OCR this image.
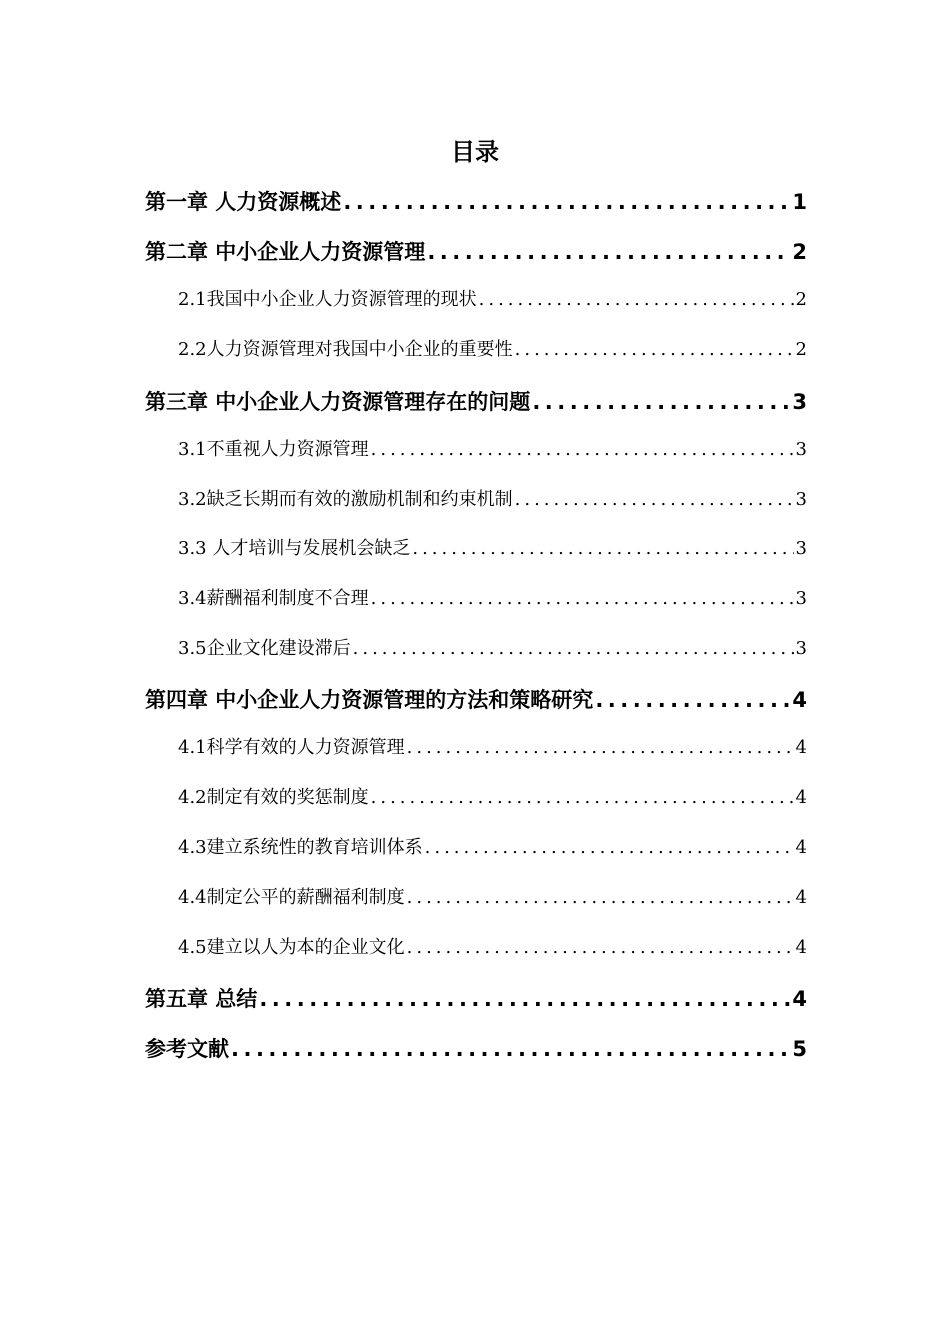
目录
第一章 人力资源概述 .....	1
第二章 中小企业人力资源管理 .....	2
2.1我国中小企业人力资源管理的现状 .....	2
2.2人力资源管理对我国中小企业的重要性 .....	2
第三章 中小企业人力资源管理存在的问题 .....	3
3.1不重视人力资源管理 .....	3
3.2缺乏长期而有效的激励机制和约束机制 .....	3
3.3 人才培训与发展机会缺乏 .....	3
3.4薪酬福利制度不合理 .....	3
3.5企业文化建设滞后 .....	3
第四章 中小企业人力资源管理的方法和策略研究 .....	4
4.1科学有效的人力资源管理 .....	4
4.2制定有效的奖惩制度 .....	4
4.3建立系统性的教育培训体系 .....	4
4.4制定公平的薪酬福利制度 .....	4
4.5建立以人为本的企业文化 .....	4
第五章 总结 .....	4
参考文献 .....	5
